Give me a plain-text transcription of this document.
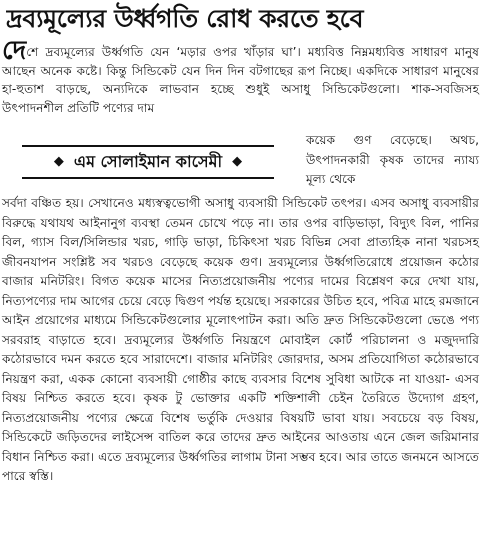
দ্রব্যমূল্যের উর্ধ্বগতি রোধ করতে হবে
দেশে দ্রব্যমূল্যের উর্ধ্বগতি যেন ‘মড়ার ওপর খাঁড়ার ঘা’। মধ্যবিত্ত নিম্নমধ্যবিত্ত সাধারণ মানুষ আছেন অনেক কষ্টে। কিন্তু সিন্ডিকেট যেন দিন দিন বটগাছের রূপ নিচ্ছে। একদিকে সাধারণ মানুষের হা-হুতাশ বাড়ছে, অন্যদিকে লাভবান হচ্ছে শুধুই অসাধু সিন্ডিকেটগুলো। শাক-সবজিসহ উৎপাদনশীল প্রতিটি পণ্যের দাম
◆ এম সোলাইমান কাসেমী ◆
কয়েক গুণ বেড়েছে। অথচ, উৎপাদনকারী কৃষক তাদের ন্যায্য মূল্য থেকে
সর্বদা বঞ্চিত হয়। সেখানেও মধ্যস্বত্বভোগী অসাধু ব্যবসায়ী সিন্ডিকেট তৎপর। এসব অসাধু ব্যবসায়ীর বিরুদ্ধে যথাযথ আইনানুগ ব্যবস্থা তেমন চোখে পড়ে না। তার ওপর বাড়িভাড়া, বিদ্যুৎ বিল, পানির বিল, গ্যাস বিল/সিলিন্ডার খরচ, গাড়ি ভাড়া, চিকিৎসা খরচ বিভিন্ন সেবা প্রাত্যহিক নানা খরচসহ জীবনযাপন সংশ্লিষ্ট সব খরচও বেড়েছে কয়েক গুণ। দ্রব্যমূল্যের উর্ধ্বগতিরোধে প্রয়োজন কঠোর বাজার মনিটরিং। বিগত কয়েক মাসের নিত্যপ্রয়োজনীয় পণ্যের দামের বিশ্লেষণ করে দেখা যায়, নিত্যপণ্যের দাম আগের চেয়ে বেড়ে দ্বিগুণ পর্যন্ত হয়েছে। সরকারের উচিত হবে, পবিত্র মাহে রমজানে আইন প্রয়োগের মাধ্যমে সিন্ডিকেটগুলোর মূলোৎপাটন করা। অতি দ্রুত সিন্ডিকেটগুলো ভেঙে পণ্য সরবরাহ বাড়াতে হবে। দ্রব্যমূল্যের উর্ধ্বগতি নিয়ন্ত্রণে মোবাইল কোর্ট পরিচালনা ও মজুদদারি কঠোরভাবে দমন করতে হবে সারাদেশে। বাজার মনিটরিং জোরদার, অসম প্রতিযোগিতা কঠোরভাবে নিয়ন্ত্রণ করা, একক কোনো ব্যবসায়ী গোষ্ঠীর কাছে ব্যবসার বিশেষ সুবিধা আটকে না যাওয়া- এসব বিষয় নিশ্চিত করতে হবে। কৃষক টু ভোক্তার একটি শক্তিশালী চেইন তৈরিতে উদ্যোগ গ্রহণ, নিত্যপ্রয়োজনীয় পণ্যের ক্ষেত্রে বিশেষ ভর্তুকি দেওয়ার বিষয়টি ভাবা যায়। সবচেয়ে বড় বিষয়, সিন্ডিকেটে জড়িতদের লাইসেন্স বাতিল করে তাদের দ্রুত আইনের আওতায় এনে জেল জরিমানার বিধান নিশ্চিত করা। এতে দ্রব্যমূল্যের উর্ধ্বগতির লাগাম টানা সম্ভব হবে। আর তাতে জনমনে আসতে পারে স্বস্তি।
